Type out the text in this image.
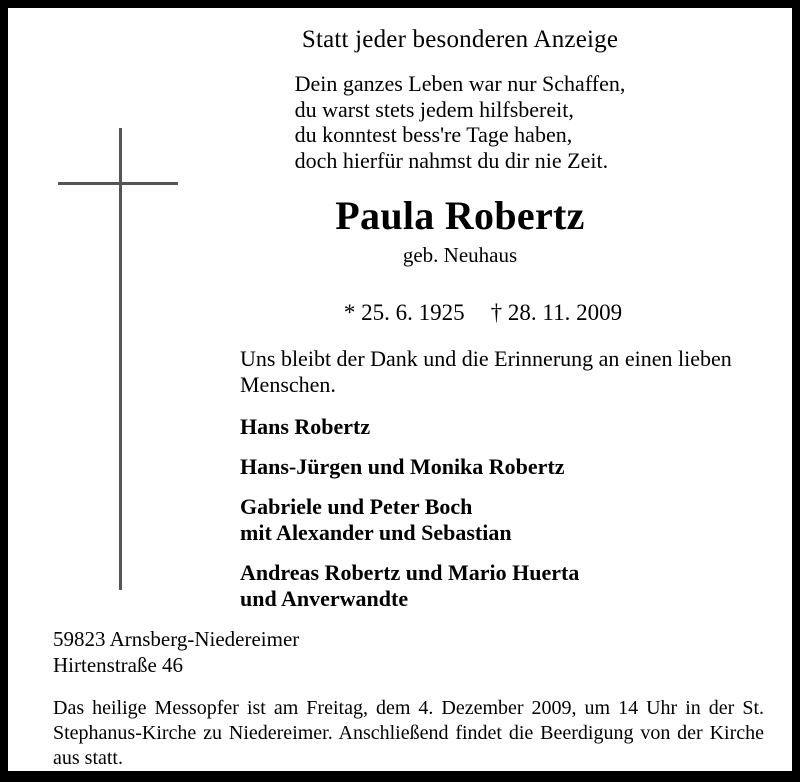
Statt jeder besonderen Anzeige
Dein ganzes Leben war nur Schaffen,
du warst stets jedem hilfsbereit,
du konntest bess're Tage haben,
doch hierfür nahmst du dir nie Zeit.
Paula Robertz
geb. Neuhaus

* 25. 6. 1925 † 28. 11. 2009

Uns bleibt der Dank und die Erinnerung an einen lieben Menschen.
Hans Robertz
Hans-Jürgen und Monika Robertz
Gabriele und Peter Boch
mit Alexander und Sebastian
Andreas Robertz und Mario Huerta
und Anverwandte
59823 Arnsberg-Niedereimer
Hirtenstraße 46
Das heilige Messopfer ist am Freitag, dem 4. Dezember 2009, um 14 Uhr in der St. Stephanus-Kirche zu Niedereimer. Anschließend findet die Beerdigung von der Kirche aus statt.
